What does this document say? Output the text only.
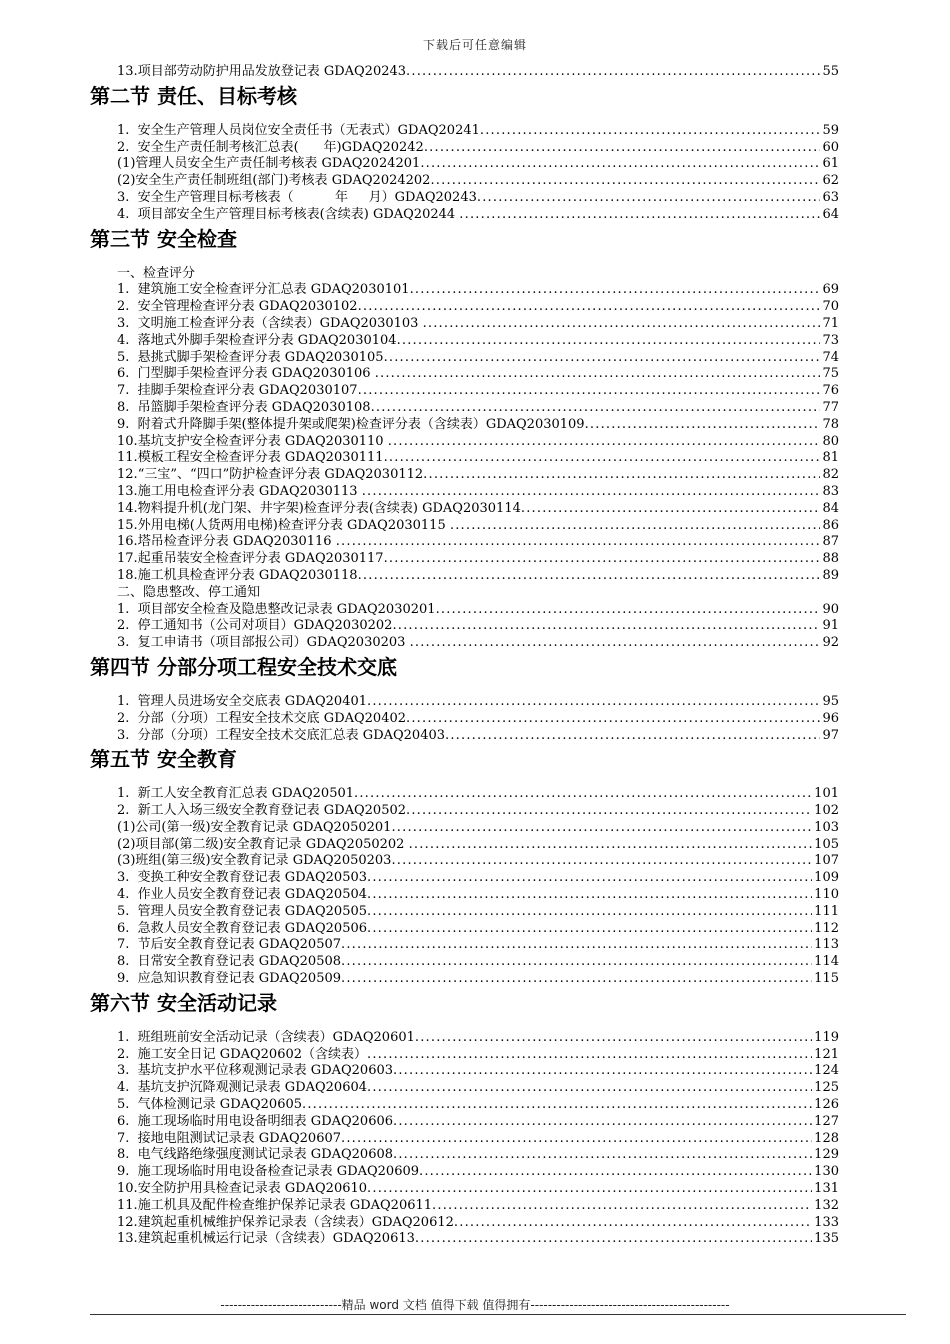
下载后可任意编辑
13. 项目部劳动防护用品发放登记表 GDAQ20243 .....	55
第二节 责任、目标考核
1. 安全生产管理人员岗位安全责任书（无表式）GDAQ20241 .....	59
2. 安全生产责任制考核汇总表(      年)GDAQ20242 .....	60
(1)管理人员安全生产责任制考核表 GDAQ2024201 .....	61
(2)安全生产责任制班组(部门)考核表 GDAQ2024202 .....	62
3. 安全生产管理目标考核表（          年     月）GDAQ20243 .....	63
4. 项目部安全生产管理目标考核表(含续表) GDAQ20244 .....	64
第三节 安全检查
一、检查评分
1. 建筑施工安全检查评分汇总表 GDAQ2030101 .....	69
2. 安全管理检查评分表 GDAQ2030102 .....	70
3. 文明施工检查评分表（含续表）GDAQ2030103 .....	71
4. 落地式外脚手架检查评分表 GDAQ2030104 .....	73
5. 悬挑式脚手架检查评分表 GDAQ2030105 .....	74
6. 门型脚手架检查评分表 GDAQ2030106 .....	75
7. 挂脚手架检查评分表 GDAQ2030107 .....	76
8. 吊篮脚手架检查评分表 GDAQ2030108 .....	77
9. 附着式升降脚手架(整体提升架或爬架)检查评分表（含续表）GDAQ2030109 .....	78
10. 基坑支护安全检查评分表 GDAQ2030110 .....	80
11. 模板工程安全检查评分表 GDAQ2030111 .....	81
12. “三宝”、“四口”防护检查评分表 GDAQ2030112 .....	82
13. 施工用电检查评分表 GDAQ2030113 .....	83
14. 物料提升机(龙门架、井字架)检查评分表(含续表) GDAQ2030114 .....	84
15. 外用电梯(人货两用电梯)检查评分表 GDAQ2030115 .....	86
16. 塔吊检查评分表 GDAQ2030116 .....	87
17. 起重吊装安全检查评分表 GDAQ2030117 .....	88
18. 施工机具检查评分表 GDAQ2030118 .....	89
二、隐患整改、停工通知
1. 项目部安全检查及隐患整改记录表 GDAQ2030201 .....	90
2. 停工通知书（公司对项目）GDAQ2030202 .....	91
3. 复工申请书（项目部报公司）GDAQ2030203 .....	92
第四节 分部分项工程安全技术交底
1. 管理人员进场安全交底表 GDAQ20401 .....	95
2. 分部（分项）工程安全技术交底 GDAQ20402 .....	96
3. 分部（分项）工程安全技术交底汇总表 GDAQ20403 .....	97
第五节 安全教育
1. 新工人安全教育汇总表 GDAQ20501 .....	101
2. 新工人入场三级安全教育登记表 GDAQ20502 .....	102
(1)公司(第一级)安全教育记录 GDAQ2050201 .....	103
(2)项目部(第二级)安全教育记录 GDAQ2050202 .....	105
(3)班组(第三级)安全教育记录 GDAQ2050203 .....	107
3. 变换工种安全教育登记表 GDAQ20503 .....	109
4. 作业人员安全教育登记表 GDAQ20504 .....	110
5. 管理人员安全教育登记表 GDAQ20505 .....	111
6. 急救人员安全教育登记表 GDAQ20506 .....	112
7. 节后安全教育登记表 GDAQ20507 .....	113
8. 日常安全教育登记表 GDAQ20508 .....	114
9. 应急知识教育登记表 GDAQ20509 .....	115
第六节 安全活动记录
1. 班组班前安全活动记录（含续表）GDAQ20601 .....	119
2. 施工安全日记 GDAQ20602（含续表） .....	121
3. 基坑支护水平位移观测记录表 GDAQ20603 .....	124
4. 基坑支护沉降观测记录表 GDAQ20604 .....	125
5. 气体检测记录 GDAQ20605 .....	126
6. 施工现场临时用电设备明细表 GDAQ20606 .....	127
7. 接地电阻测试记录表 GDAQ20607 .....	128
8. 电气线路绝缘强度测试记录表 GDAQ20608 .....	129
9. 施工现场临时用电设备检查记录表 GDAQ20609 .....	130
10. 安全防护用具检查记录表 GDAQ20610 .....	131
11. 施工机具及配件检查维护保养记录表 GDAQ20611 .....	132
12. 建筑起重机械维护保养记录表（含续表）GDAQ20612 .....	133
13. 建筑起重机械运行记录（含续表）GDAQ20613 .....	135
----------------------------精品 word 文档 值得下载 值得拥有----------------------------------------------
